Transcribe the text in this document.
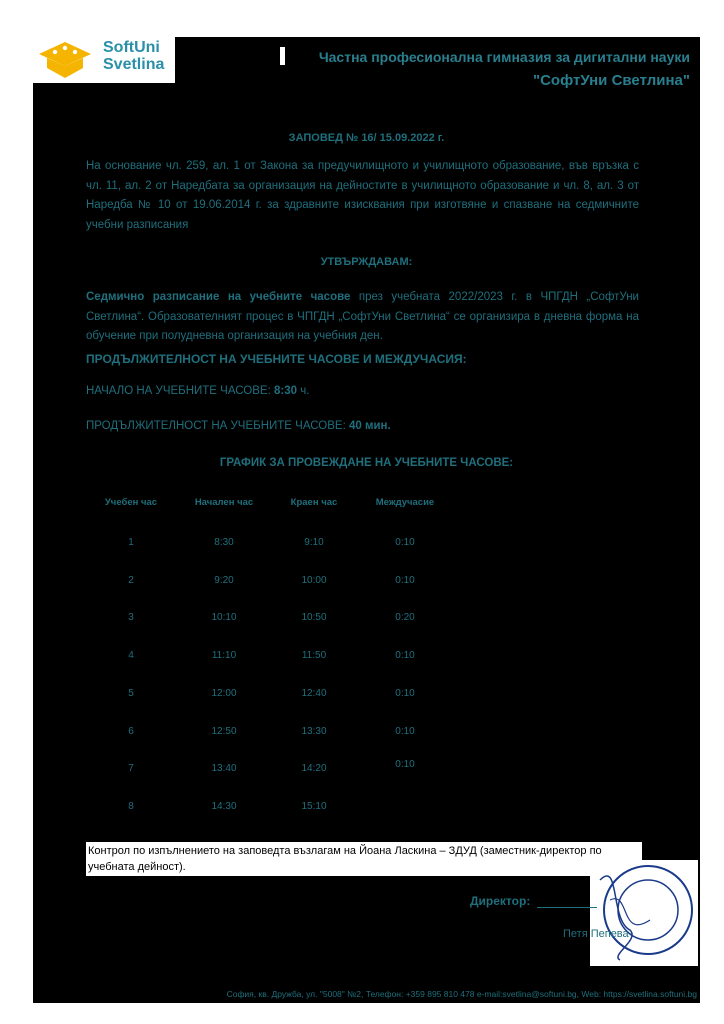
SoftUni
Svetlina	Частна професионална гимназия за дигитални науки
"СофтУни Светлина"
ЗАПОВЕД № 16/ 15.09.2022 г.
На основание чл. 259, ал. 1 от Закона за предучилищното и училищното образование, във връзка с чл. 11, ал. 2 от Наредбата за организация на дейностите в училищното образование и чл. 8, ал. 3 от Наредба № 10 от 19.06.2014 г. за здравните изисквания при изготвяне и спазване на седмичните учебни разписания
УТВЪРЖДАВАМ:
Седмично разписание на учебните часове през учебната 2022/2023 г. в ЧПГДН „СофтУни Светлина“. Образователният процес в ЧПГДН „СофтУни Светлина“ се организира в дневна форма на обучение при полудневна организация на учебния ден.
ПРОДЪЛЖИТЕЛНОСТ НА УЧЕБНИТЕ ЧАСОВЕ И МЕЖДУЧАСИЯ:
НАЧАЛО НА УЧЕБНИТЕ ЧАСОВЕ: 8:30 ч.
ПРОДЪЛЖИТЕЛНОСТ НА УЧЕБНИТЕ ЧАСОВЕ: 40 мин.
ГРАФИК ЗА ПРОВЕЖДАНЕ НА УЧЕБНИТЕ ЧАСОВЕ:
Учебен час	Начален час	Краен час	Междучасие
1	8:30	9:10	0:10
2	9:20	10:00	0:10
3	10:10	10:50	0:20
4	11:10	11:50	0:10
5	12:00	12:40	0:10
6	12:50	13:30	0:10
7	13:40	14:20	0:10
8	14:30	15:10
Контрол по изпълнението на заповедта възлагам на Йоана Ласкина – ЗДУД (заместник-директор по учебната дейност).
Директор:
Петя Пепева
София, кв. Дружба, ул. "5008" №2, Телефон: +359 895 810 478 e-mail:svetlina@softuni.bg, Web: https://svetlina.softuni.bg
